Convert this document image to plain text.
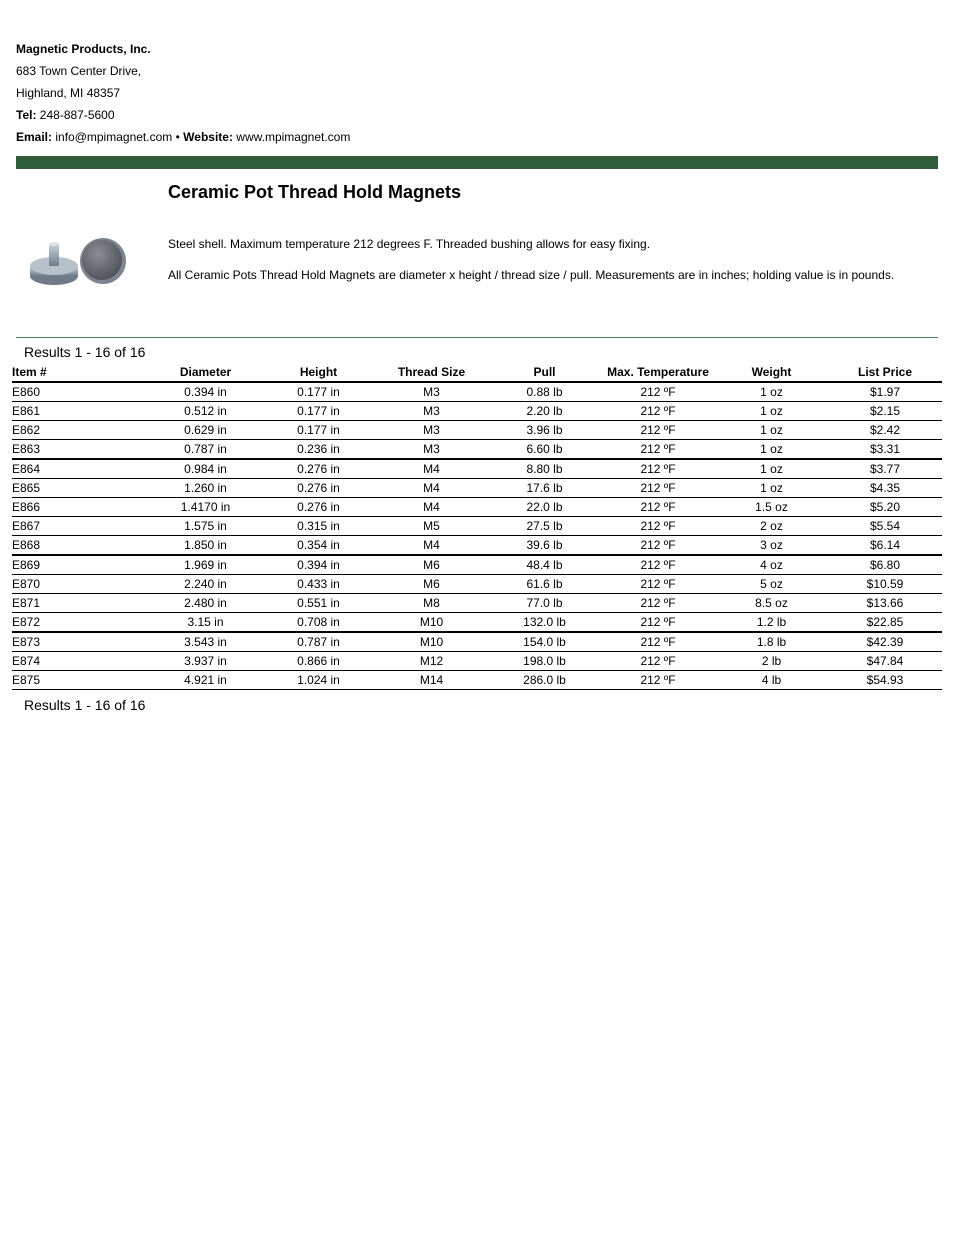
Magnetic Products, Inc.
683 Town Center Drive,
Highland, MI 48357
Tel: 248-887-5600
Email: info@mpimagnet.com • Website: www.mpimagnet.com
Ceramic Pot Thread Hold Magnets
Steel shell. Maximum temperature 212 degrees F. Threaded bushing allows for easy fixing.
All Ceramic Pots Thread Hold Magnets are diameter x height / thread size / pull. Measurements are in inches; holding value is in pounds.
Results 1 - 16 of 16
Item #	Diameter	Height	Thread Size	Pull	Max. Temperature	Weight	List Price
E860	0.394 in	0.177 in	M3	0.88 lb	212 ºF	1 oz	$1.97
E861	0.512 in	0.177 in	M3	2.20 lb	212 ºF	1 oz	$2.15
E862	0.629 in	0.177 in	M3	3.96 lb	212 ºF	1 oz	$2.42
E863	0.787 in	0.236 in	M3	6.60 lb	212 ºF	1 oz	$3.31
E864	0.984 in	0.276 in	M4	8.80 lb	212 ºF	1 oz	$3.77
E865	1.260 in	0.276 in	M4	17.6 lb	212 ºF	1 oz	$4.35
E866	1.4170 in	0.276 in	M4	22.0 lb	212 ºF	1.5 oz	$5.20
E867	1.575 in	0.315 in	M5	27.5 lb	212 ºF	2 oz	$5.54
E868	1.850 in	0.354 in	M4	39.6 lb	212 ºF	3 oz	$6.14
E869	1.969 in	0.394 in	M6	48.4 lb	212 ºF	4 oz	$6.80
E870	2.240 in	0.433 in	M6	61.6 lb	212 ºF	5 oz	$10.59
E871	2.480 in	0.551 in	M8	77.0 lb	212 ºF	8.5 oz	$13.66
E872	3.15 in	0.708 in	M10	132.0 lb	212 ºF	1.2 lb	$22.85
E873	3.543 in	0.787 in	M10	154.0 lb	212 ºF	1.8 lb	$42.39
E874	3.937 in	0.866 in	M12	198.0 lb	212 ºF	2 lb	$47.84
E875	4.921 in	1.024 in	M14	286.0 lb	212 ºF	4 lb	$54.93
Results 1 - 16 of 16
